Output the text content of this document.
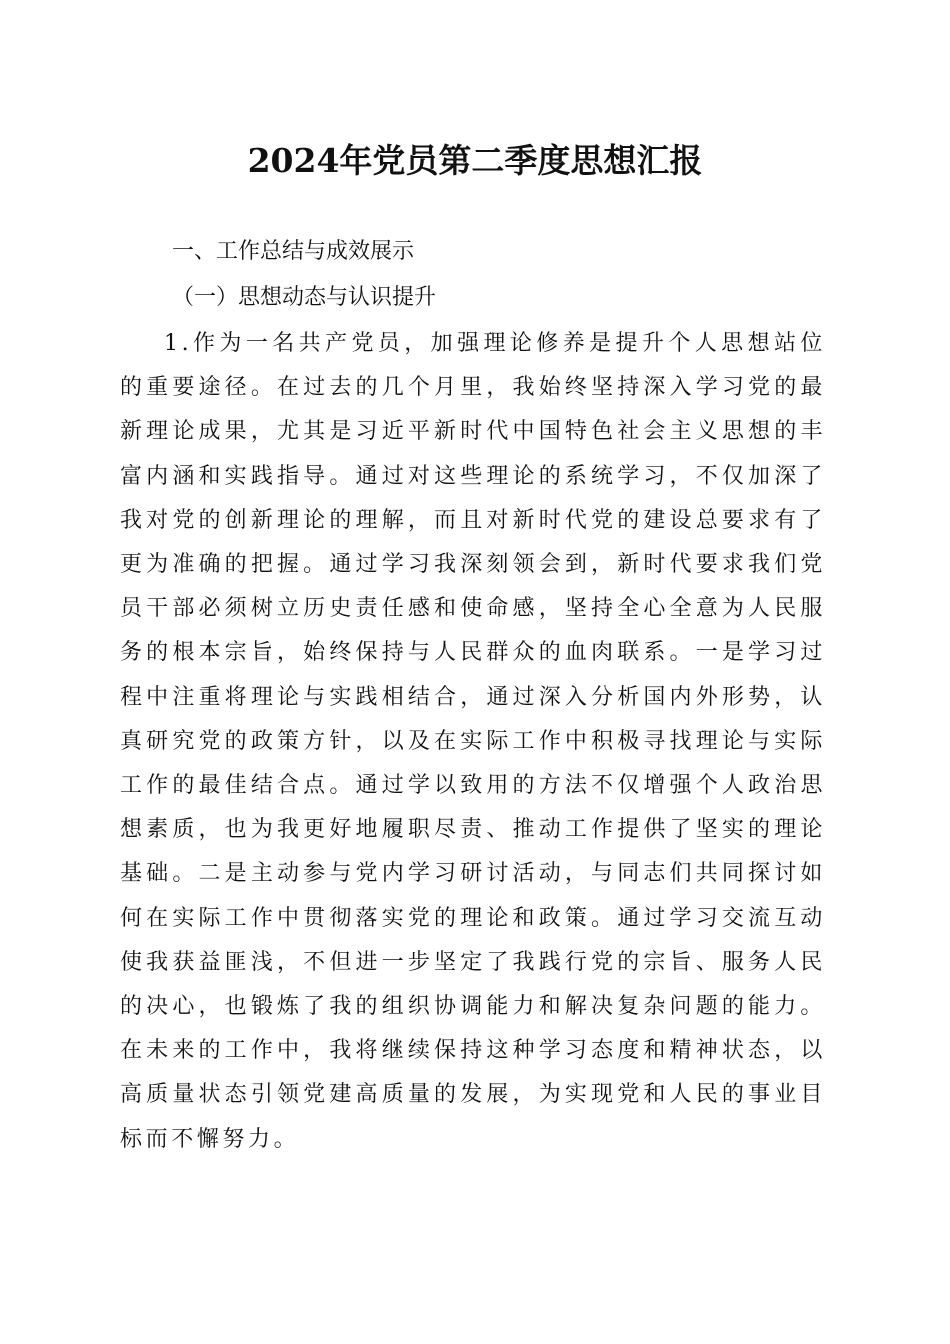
2024年党员第二季度思想汇报
一、工作总结与成效展示
（一）思想动态与认识提升

1.作为一名共产党员，加强理论修养是提升个人思想站位的重要途径。在过去的几个月里，我始终坚持深入学习党的最新理论成果，尤其是习近平新时代中国特色社会主义思想的丰富内涵和实践指导。通过对这些理论的系统学习，不仅加深了我对党的创新理论的理解，而且对新时代党的建设总要求有了更为准确的把握。通过学习我深刻领会到，新时代要求我们党员干部必须树立历史责任感和使命感，坚持全心全意为人民服务的根本宗旨，始终保持与人民群众的血肉联系。一是学习过程中注重将理论与实践相结合，通过深入分析国内外形势，认真研究党的政策方针，以及在实际工作中积极寻找理论与实际工作的最佳结合点。通过学以致用的方法不仅增强个人政治思想素质，也为我更好地履职尽责、推动工作提供了坚实的理论基础。二是主动参与党内学习研讨活动，与同志们共同探讨如何在实际工作中贯彻落实党的理论和政策。通过学习交流互动使我获益匪浅，不但进一步坚定了我践行党的宗旨、服务人民的决心，也锻炼了我的组织协调能力和解决复杂问题的能力。在未来的工作中，我将继续保持这种学习态度和精神状态，以高质量状态引领党建高质量的发展，为实现党和人民的事业目标而不懈努力。
